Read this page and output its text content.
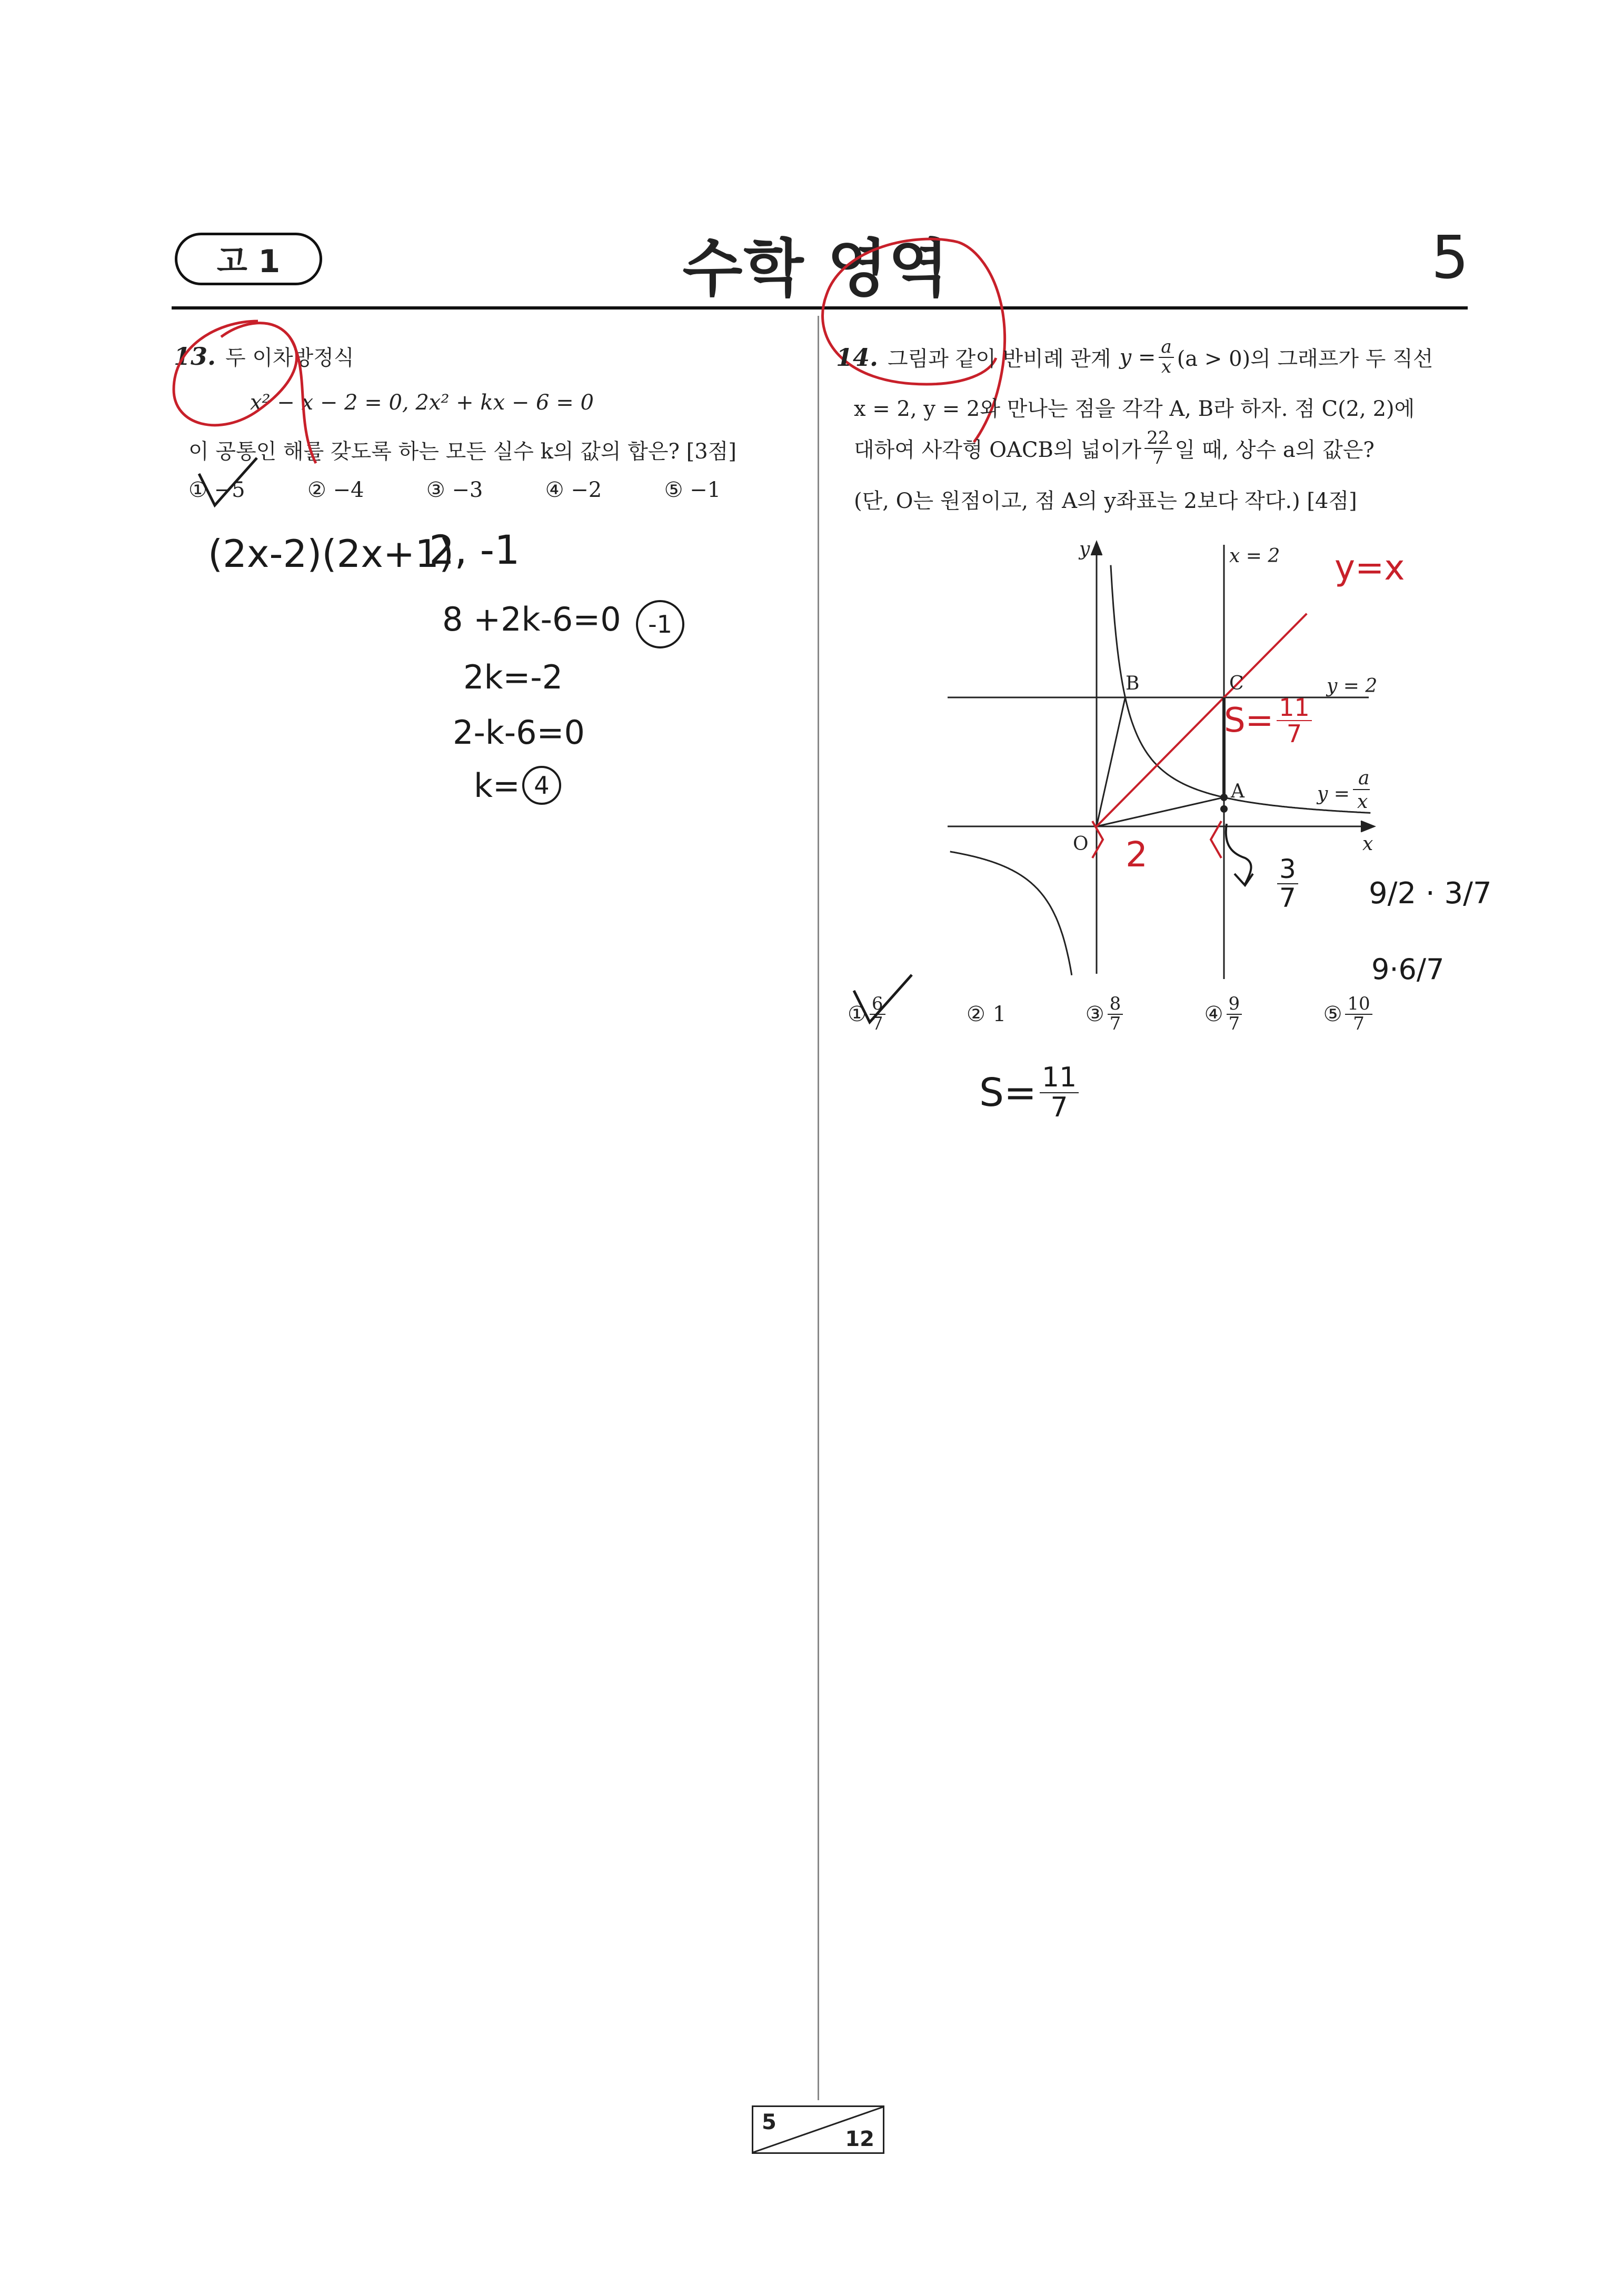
고 1	수학 영역	5
13. 두 이차방정식
x² − x − 2 = 0, 2x² + kx − 6 = 0
이 공통인 해를 갖도록 하는 모든 실수 k의 값의 합은? [3점]
① −5	② −4	③ −3	④ −2	⑤ −1
(2x-2)(2x+1)
2, -1
8 +2k-6=0 -1
2k=-2
2-k-6=0
k= 4
14. 그림과 같이 반비례 관계 $y = \frac{a}{x} (a > 0)$의 그래프가 두 직선
x = 2, y = 2와 만나는 점을 각각 A, B라 하자. 점 C(2, 2)에
대하여 사각형 OACB의 넓이가 $\frac{22}{7}$ 일 때, 상수 a의 값은?
(단, O는 원점이고, 점 A의 y좌표는 2보다 작다.) [4점]
y
x
O
B	C
A
x = 2
y = 2
y =
a
x
y=x
$S= \frac{11}{7}$
2
$\frac{3}{7} 9/2 \cdot 3/7$
9·6/7
① $\frac{6}{7}$	② 1	③ $\frac{8}{7}$	④ $\frac{9}{7}$	⑤ $\frac{10}{7}$
$S= \frac{11}{7}$
5
12
